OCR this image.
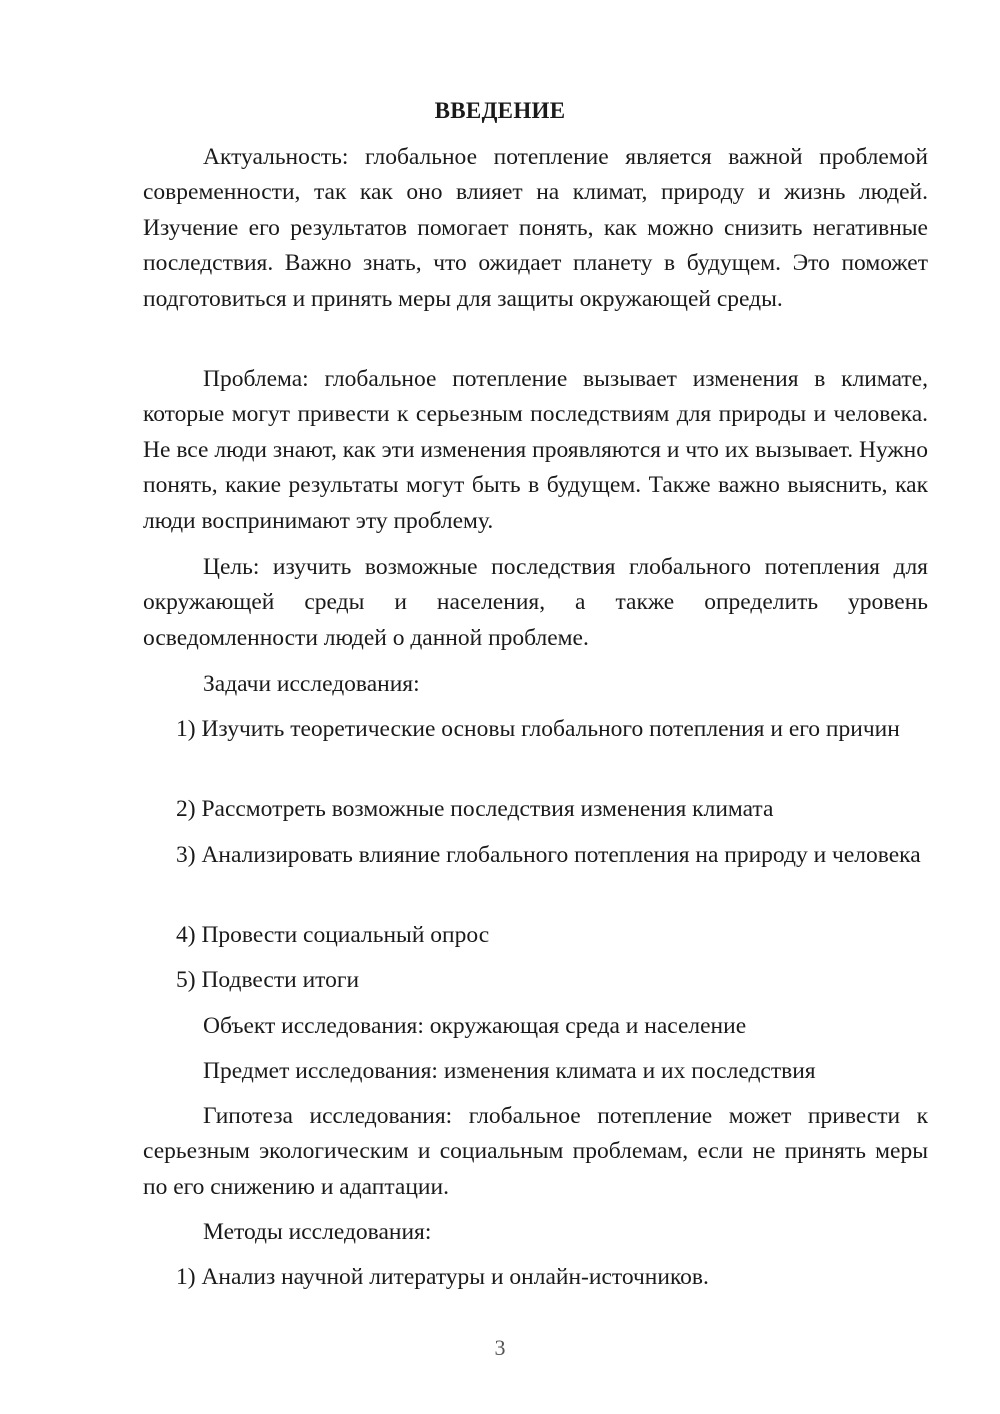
ВВЕДЕНИЕ

Актуальность: глобальное потепление является важной проблемой современности, так как оно влияет на климат, природу и жизнь людей. Изучение его результатов помогает понять, как можно снизить негативные последствия. Важно знать, что ожидает планету в будущем. Это поможет подготовиться и принять меры для защиты окружающей среды.

Проблема: глобальное потепление вызывает изменения в климате, которые могут привести к серьезным последствиям для природы и человека. Не все люди знают, как эти изменения проявляются и что их вызывает. Нужно понять, какие результаты могут быть в будущем. Также важно выяснить, как люди воспринимают эту проблему.

Цель: изучить возможные последствия глобального потепления для окружающей среды и населения, а также определить уровень осведомленности людей о данной проблеме.

Задачи исследования:

1) Изучить теоретические основы глобального потепления и его причин

2) Рассмотреть возможные последствия изменения климата

3) Анализировать влияние глобального потепления на природу и человека

4) Провести социальный опрос

5) Подвести итоги

Объект исследования: окружающая среда и население

Предмет исследования: изменения климата и их последствия

Гипотеза исследования: глобальное потепление может привести к серьезным экологическим и социальным проблемам, если не принять меры по его снижению и адаптации.

Методы исследования:

1) Анализ научной литературы и онлайн-источников.

3
